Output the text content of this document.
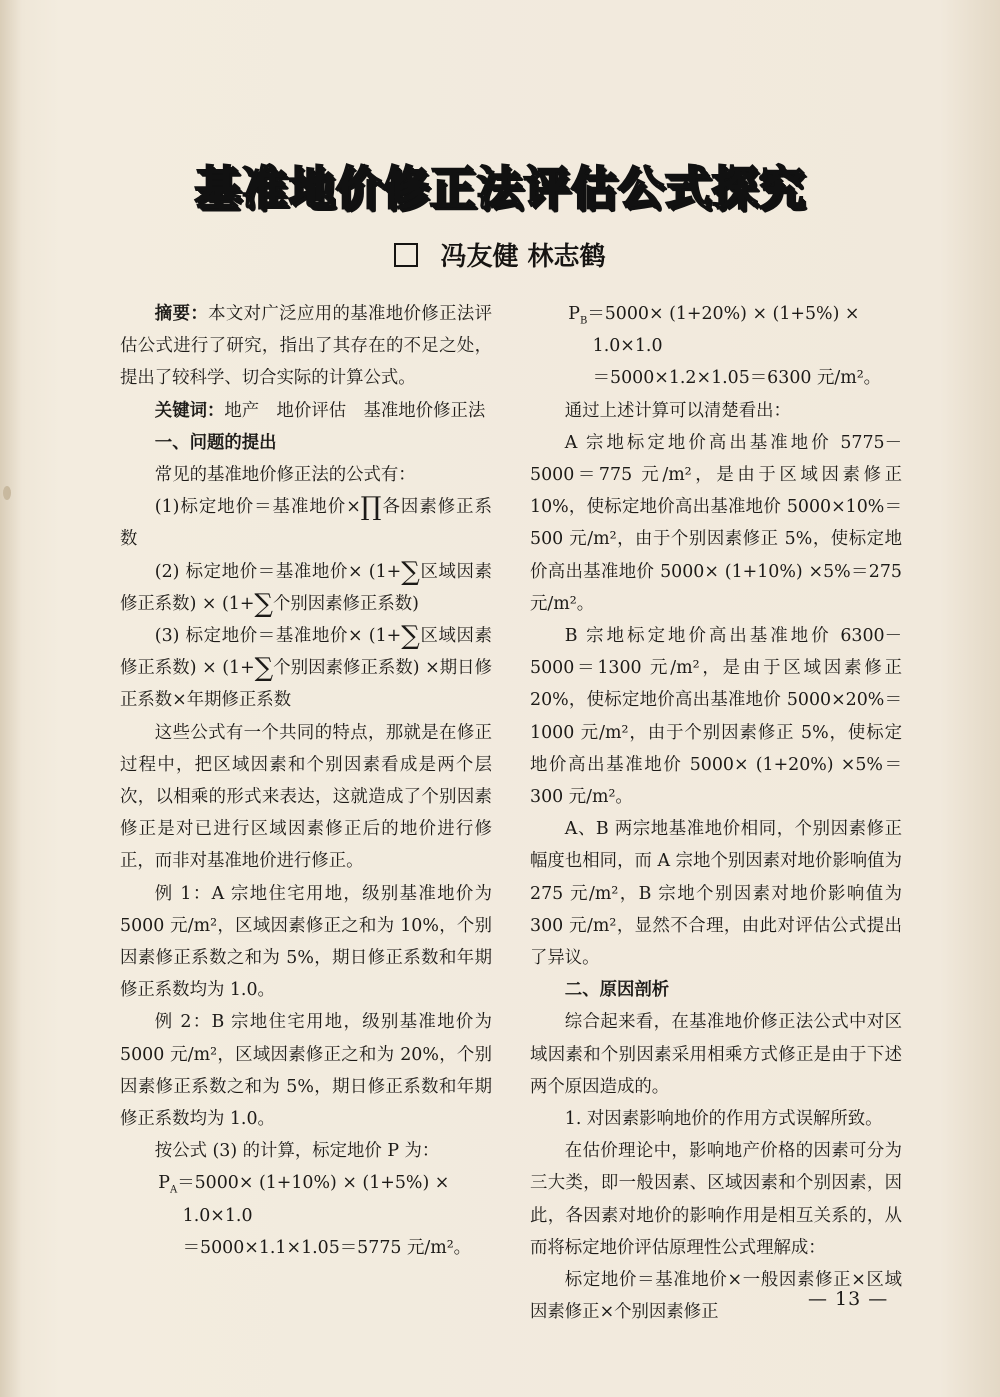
基准地价修正法评估公式探究
冯友健 林志鹤

摘要：本文对广泛应用的基准地价修正法评估公式进行了研究，指出了其存在的不足之处，提出了较科学、切合实际的计算公式。

关键词：地产　地价评估　基准地价修正法

一、问题的提出

常见的基准地价修正法的公式有：

(1)标定地价＝基准地价×∏各因素修正系数

(2) 标定地价＝基准地价× (1+∑区域因素修正系数) × (1+∑个别因素修正系数)

(3) 标定地价＝基准地价× (1+∑区域因素修正系数) × (1+∑个别因素修正系数) ×期日修正系数×年期修正系数

这些公式有一个共同的特点，那就是在修正过程中，把区域因素和个别因素看成是两个层次，以相乘的形式来表达，这就造成了个别因素修正是对已进行区域因素修正后的地价进行修正，而非对基准地价进行修正。

例 1：A 宗地住宅用地，级别基准地价为 5000 元/m²，区域因素修正之和为 10%，个别因素修正系数之和为 5%，期日修正系数和年期修正系数均为 1.0。

例 2：B 宗地住宅用地，级别基准地价为 5000 元/m²，区域因素修正之和为 20%，个别因素修正系数之和为 5%，期日修正系数和年期修正系数均为 1.0。

按公式 (3) 的计算，标定地价 P 为：

$P_A=5000\times (1+10\%) \times (1+5\%)$ ×

1.0×1.0

＝5000×1.1×1.05＝5775 元/m²。

$P_B=5000\times (1+20\%) \times (1+5\%)$ ×

1.0×1.0

＝5000×1.2×1.05＝6300 元/m²。

通过上述计算可以清楚看出：

A 宗地标定地价高出基准地价 5775－5000＝775 元/m²，是由于区域因素修正 10%，使标定地价高出基准地价 5000×10%＝500 元/m²，由于个别因素修正 5%，使标定地价高出基准地价 5000× (1+10%) ×5%＝275 元/m²。

B 宗地标定地价高出基准地价 6300－5000＝1300 元/m²，是由于区域因素修正 20%，使标定地价高出基准地价 5000×20%＝1000 元/m²，由于个别因素修正 5%，使标定地价高出基准地价 5000× (1+20%) ×5%＝300 元/m²。

A、B 两宗地基准地价相同，个别因素修正幅度也相同，而 A 宗地个别因素对地价影响值为 275 元/m²，B 宗地个别因素对地价影响值为 300 元/m²，显然不合理，由此对评估公式提出了异议。

二、原因剖析

综合起来看，在基准地价修正法公式中对区域因素和个别因素采用相乘方式修正是由于下述两个原因造成的。

1. 对因素影响地价的作用方式误解所致。

在估价理论中，影响地产价格的因素可分为三大类，即一般因素、区域因素和个别因素，因此，各因素对地价的影响作用是相互关系的，从而将标定地价评估原理性公式理解成：

标定地价＝基准地价×一般因素修正×区域因素修正×个别因素修正

— 13 —
